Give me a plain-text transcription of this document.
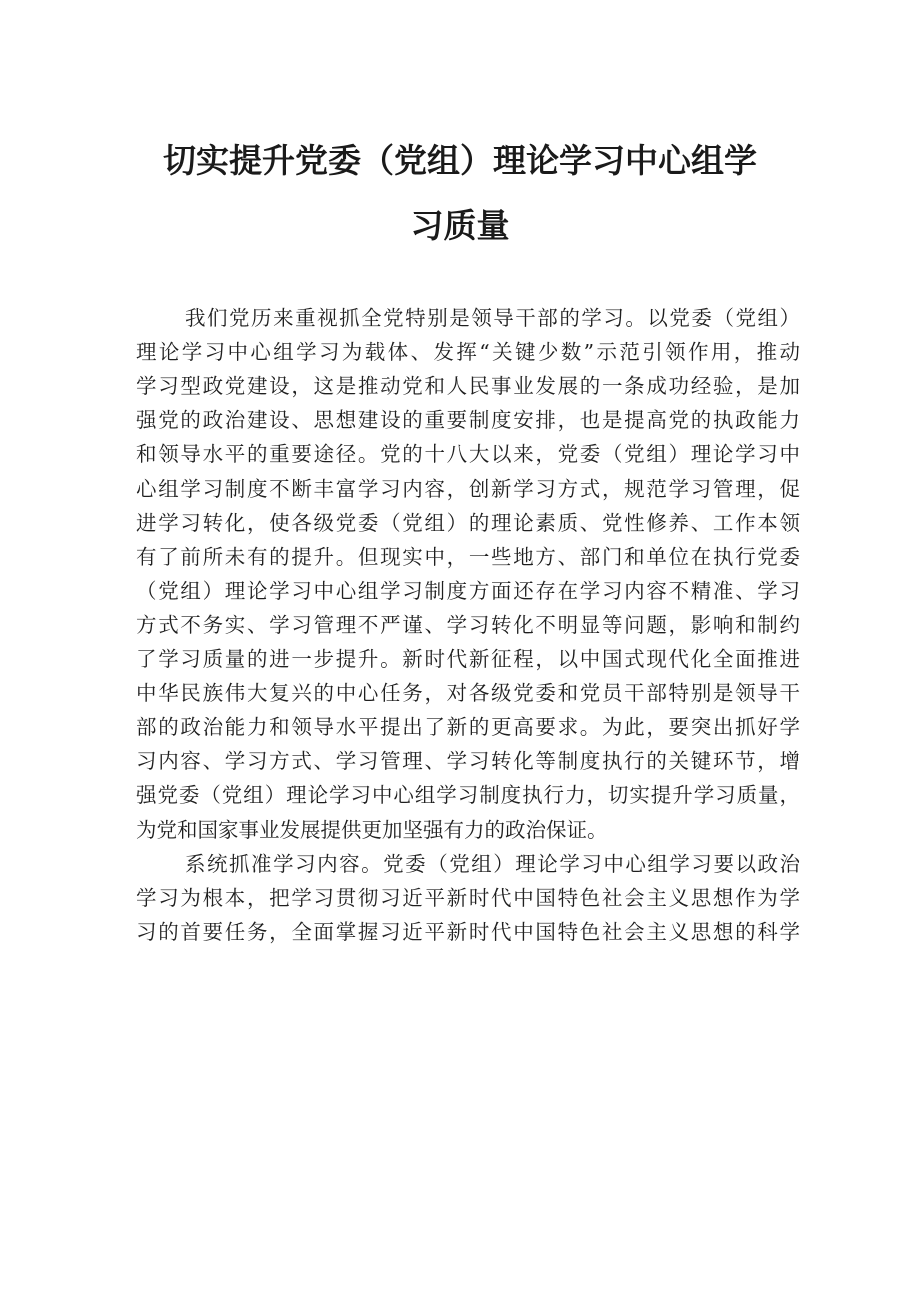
切实提升党委（党组）理论学习中心组学
习质量
我们党历来重视抓全党特别是领导干部的学习。以党委（党组）
理论学习中心组学习为载体、发挥“关键少数”示范引领作用，推动
学习型政党建设，这是推动党和人民事业发展的一条成功经验，是加
强党的政治建设、思想建设的重要制度安排，也是提高党的执政能力
和领导水平的重要途径。党的十八大以来，党委（党组）理论学习中
心组学习制度不断丰富学习内容，创新学习方式，规范学习管理，促
进学习转化，使各级党委（党组）的理论素质、党性修养、工作本领
有了前所未有的提升。但现实中，一些地方、部门和单位在执行党委
（党组）理论学习中心组学习制度方面还存在学习内容不精准、学习
方式不务实、学习管理不严谨、学习转化不明显等问题，影响和制约
了学习质量的进一步提升。新时代新征程，以中国式现代化全面推进
中华民族伟大复兴的中心任务，对各级党委和党员干部特别是领导干
部的政治能力和领导水平提出了新的更高要求。为此，要突出抓好学
习内容、学习方式、学习管理、学习转化等制度执行的关键环节，增
强党委（党组）理论学习中心组学习制度执行力，切实提升学习质量，
为党和国家事业发展提供更加坚强有力的政治保证。
系统抓准学习内容。党委（党组）理论学习中心组学习要以政治
学习为根本，把学习贯彻习近平新时代中国特色社会主义思想作为学
习的首要任务，全面掌握习近平新时代中国特色社会主义思想的科学
